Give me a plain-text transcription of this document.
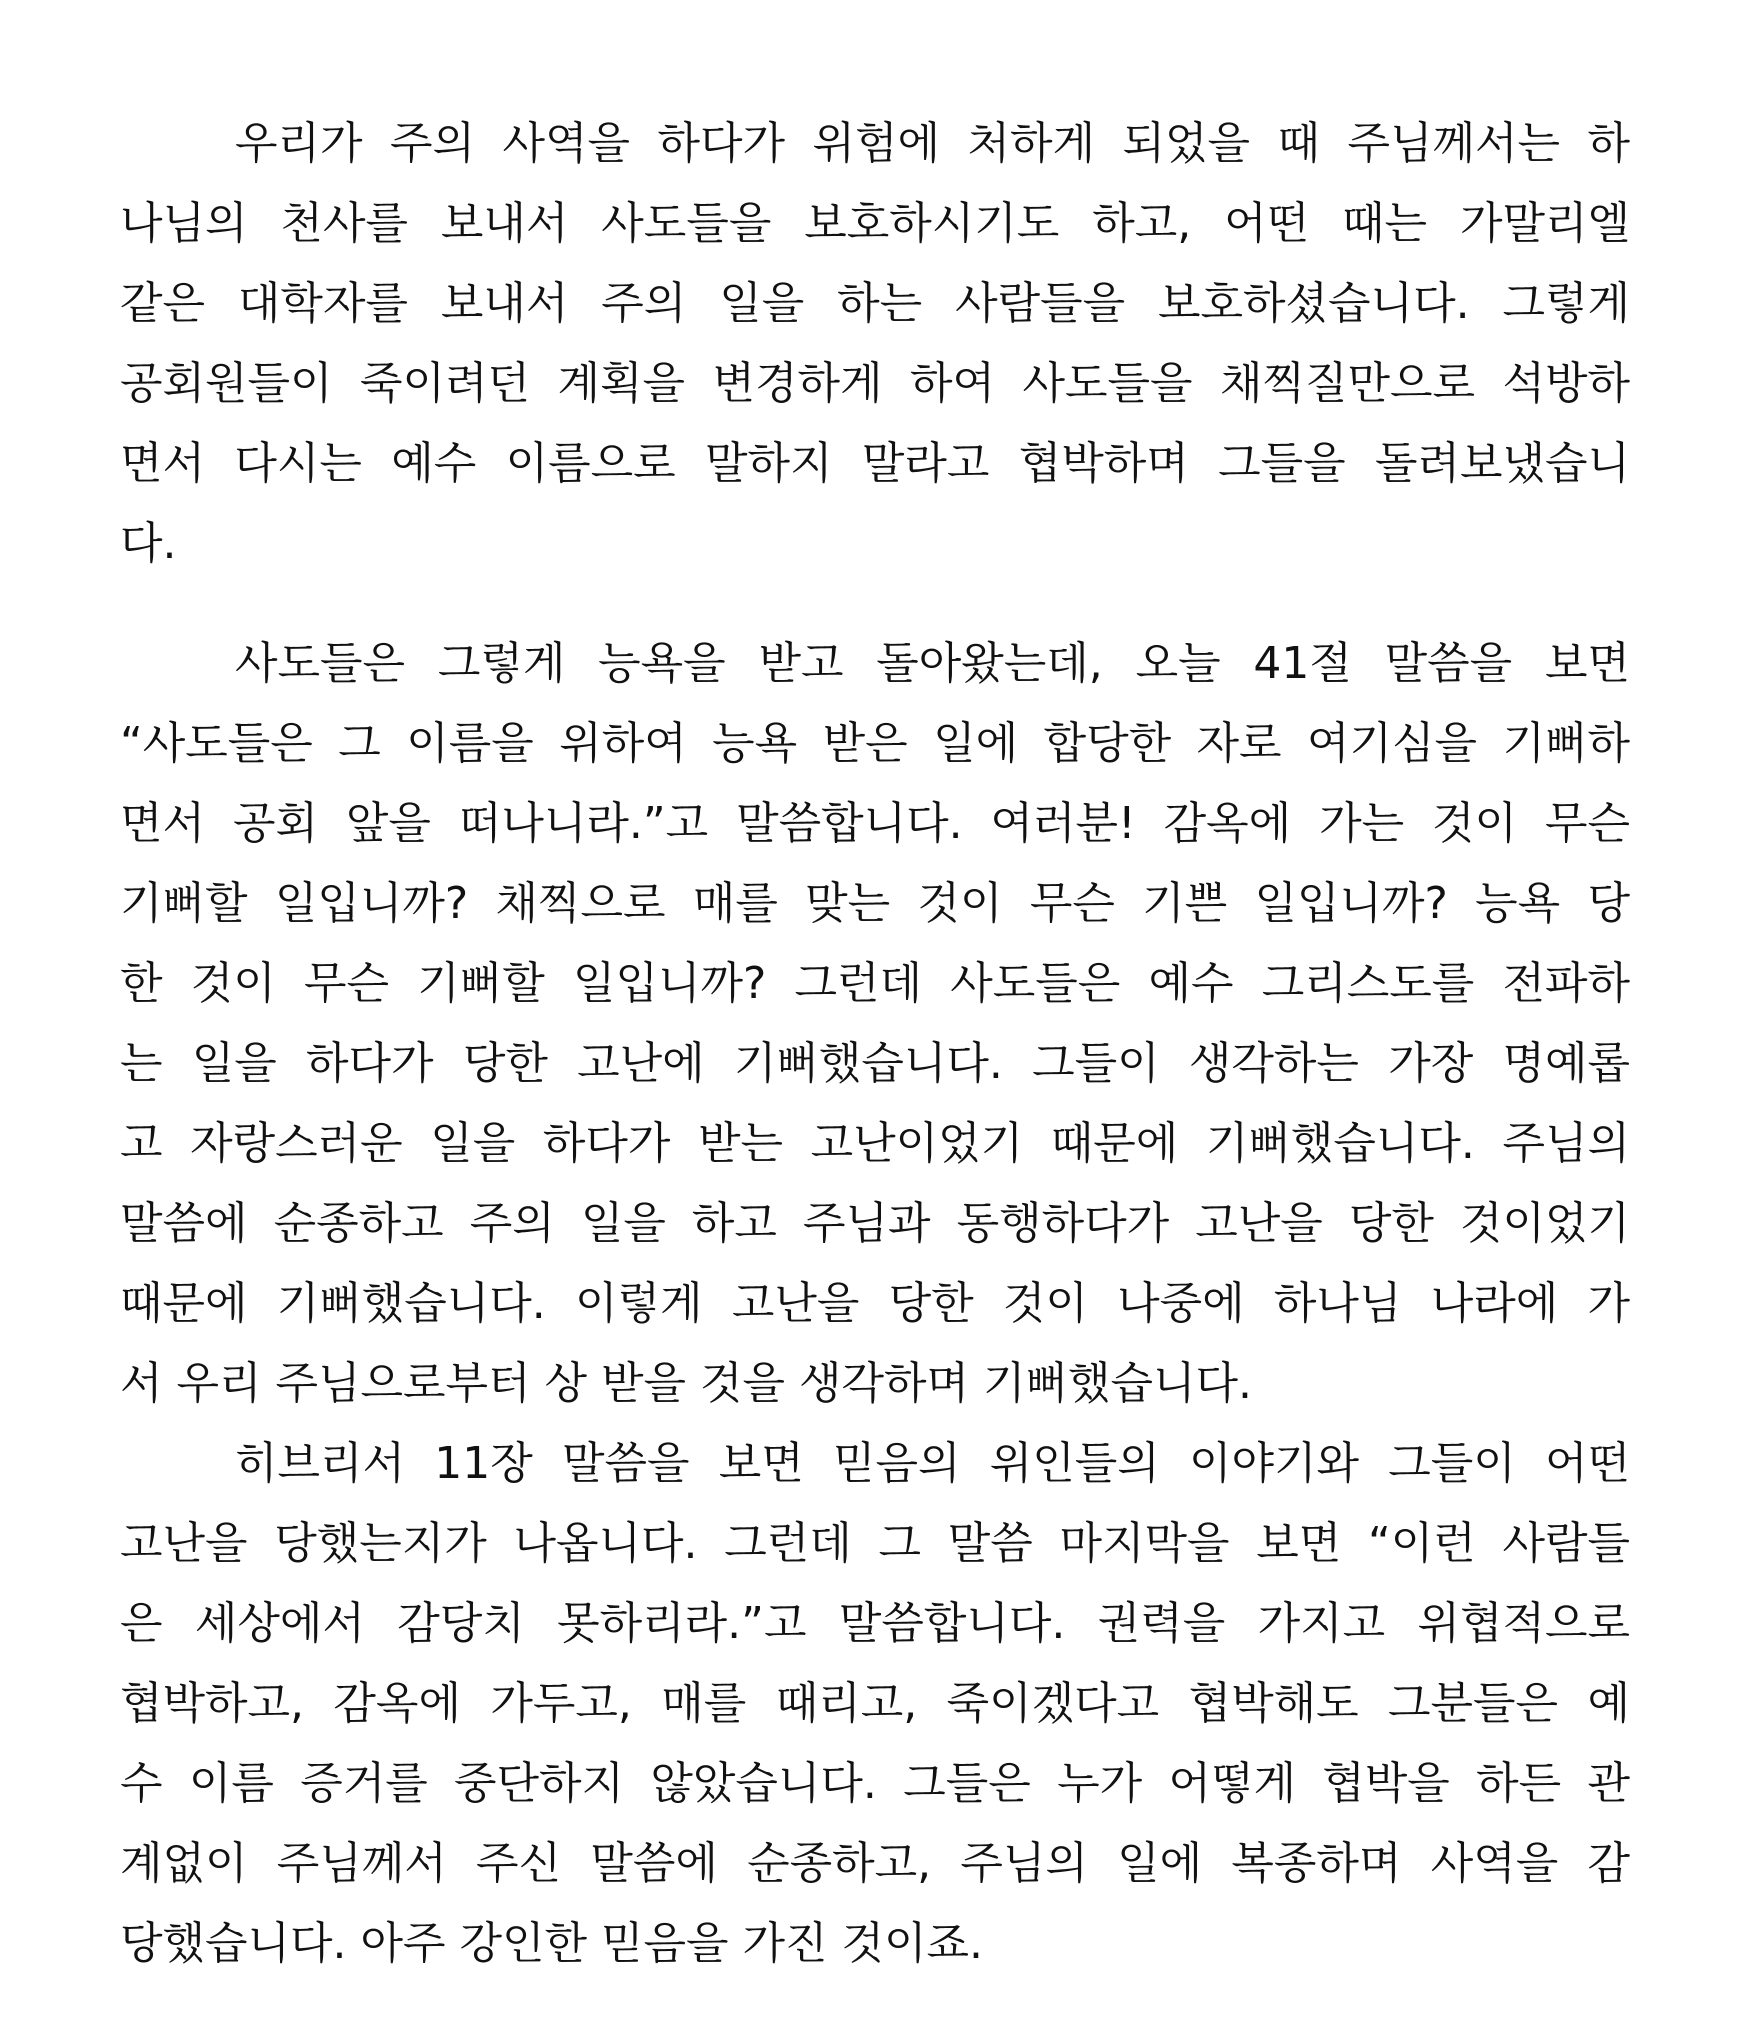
우리가 주의 사역을 하다가 위험에 처하게 되었을 때 주님께서는 하
나님의 천사를 보내서 사도들을 보호하시기도 하고, 어떤 때는 가말리엘
같은 대학자를 보내서 주의 일을 하는 사람들을 보호하셨습니다. 그렇게
공회원들이 죽이려던 계획을 변경하게 하여 사도들을 채찍질만으로 석방하
면서 다시는 예수 이름으로 말하지 말라고 협박하며 그들을 돌려보냈습니
다.
사도들은 그렇게 능욕을 받고 돌아왔는데, 오늘 41절 말씀을 보면
“사도들은 그 이름을 위하여 능욕 받은 일에 합당한 자로 여기심을 기뻐하
면서 공회 앞을 떠나니라.”고 말씀합니다. 여러분! 감옥에 가는 것이 무슨
기뻐할 일입니까? 채찍으로 매를 맞는 것이 무슨 기쁜 일입니까? 능욕 당
한 것이 무슨 기뻐할 일입니까? 그런데 사도들은 예수 그리스도를 전파하
는 일을 하다가 당한 고난에 기뻐했습니다. 그들이 생각하는 가장 명예롭
고 자랑스러운 일을 하다가 받는 고난이었기 때문에 기뻐했습니다. 주님의
말씀에 순종하고 주의 일을 하고 주님과 동행하다가 고난을 당한 것이었기
때문에 기뻐했습니다. 이렇게 고난을 당한 것이 나중에 하나님 나라에 가
서 우리 주님으로부터 상 받을 것을 생각하며 기뻐했습니다.
히브리서 11장 말씀을 보면 믿음의 위인들의 이야기와 그들이 어떤
고난을 당했는지가 나옵니다. 그런데 그 말씀 마지막을 보면 “이런 사람들
은 세상에서 감당치 못하리라.”고 말씀합니다. 권력을 가지고 위협적으로
협박하고, 감옥에 가두고, 매를 때리고, 죽이겠다고 협박해도 그분들은 예
수 이름 증거를 중단하지 않았습니다. 그들은 누가 어떻게 협박을 하든 관
계없이 주님께서 주신 말씀에 순종하고, 주님의 일에 복종하며 사역을 감
당했습니다. 아주 강인한 믿음을 가진 것이죠.
